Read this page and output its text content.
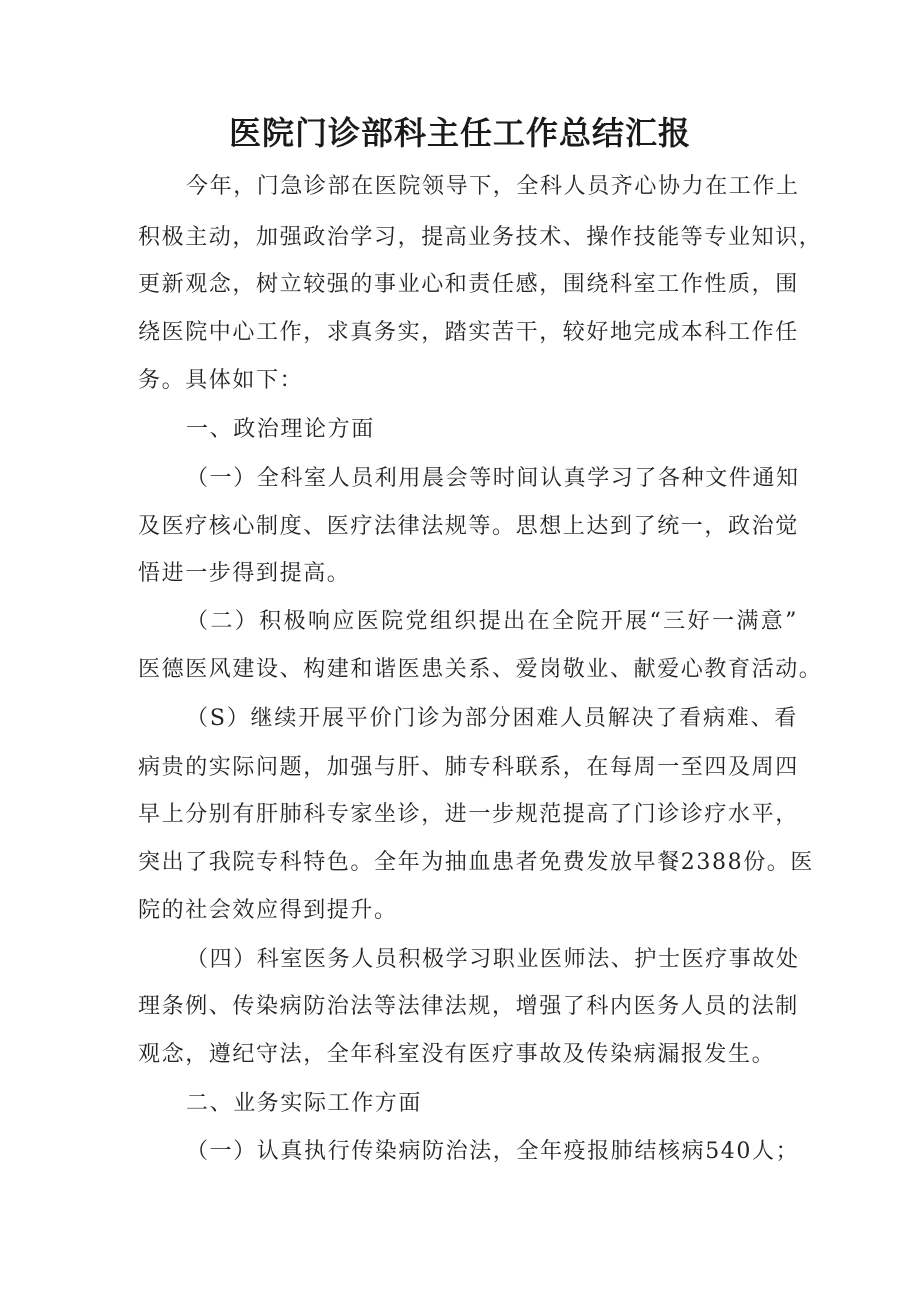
医院门诊部科主任工作总结汇报
今年，门急诊部在医院领导下，全科人员齐心协力在工作上
积极主动，加强政治学习，提高业务技术、操作技能等专业知识，
更新观念，树立较强的事业心和责任感，围绕科室工作性质，围
绕医院中心工作，求真务实，踏实苦干，较好地完成本科工作任
务。具体如下：
一、政治理论方面
（一）全科室人员利用晨会等时间认真学习了各种文件通知
及医疗核心制度、医疗法律法规等。思想上达到了统一，政治觉
悟进一步得到提高。
（二）积极响应医院党组织提出在全院开展“三好一满意”
医德医风建设、构建和谐医患关系、爱岗敬业、献爱心教育活动。
（S）继续开展平价门诊为部分困难人员解决了看病难、看
病贵的实际问题，加强与肝、肺专科联系，在每周一至四及周四
早上分别有肝肺科专家坐诊，进一步规范提高了门诊诊疗水平，
突出了我院专科特色。全年为抽血患者免费发放早餐2388份。医
院的社会效应得到提升。
（四）科室医务人员积极学习职业医师法、护士医疗事故处
理条例、传染病防治法等法律法规，增强了科内医务人员的法制
观念，遵纪守法，全年科室没有医疗事故及传染病漏报发生。
二、业务实际工作方面
（一）认真执行传染病防治法，全年疫报肺结核病540人；
